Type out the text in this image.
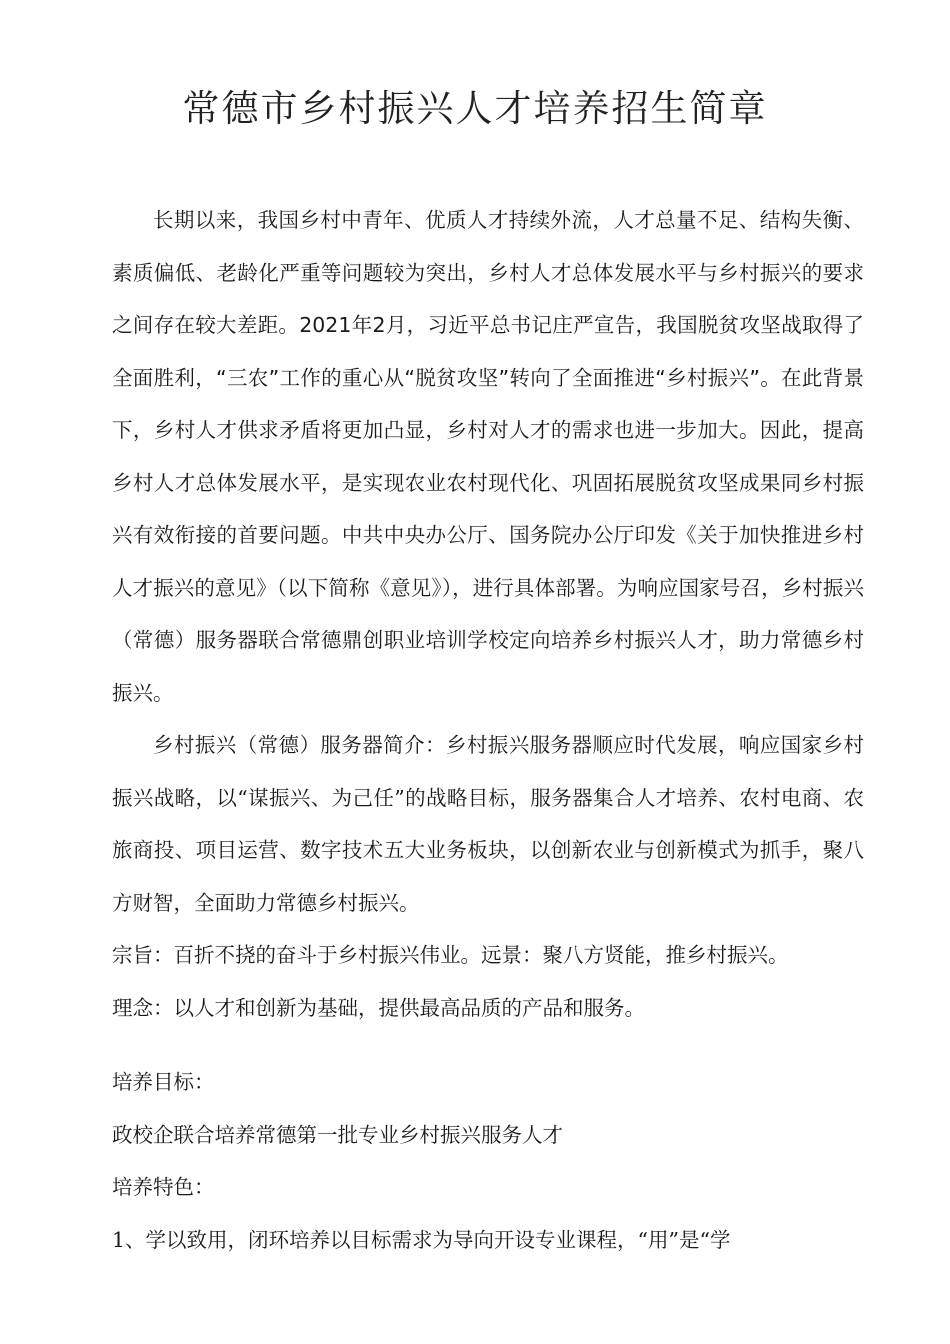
常德市乡村振兴人才培养招生简章

长期以来，我国乡村中青年、优质人才持续外流，人才总量不足、结构失衡、素质偏低、老龄化严重等问题较为突出，乡村人才总体发展水平与乡村振兴的要求之间存在较大差距。2021年2月，习近平总书记庄严宣告，我国脱贫攻坚战取得了全面胜利，“三农”工作的重心从“脱贫攻坚”转向了全面推进“乡村振兴”。在此背景下，乡村人才供求矛盾将更加凸显，乡村对人才的需求也进一步加大。因此，提高乡村人才总体发展水平，是实现农业农村现代化、巩固拓展脱贫攻坚成果同乡村振兴有效衔接的首要问题。中共中央办公厅、国务院办公厅印发《关于加快推进乡村人才振兴的意见》（以下简称《意见》），进行具体部署。为响应国家号召，乡村振兴（常德）服务器联合常德鼎创职业培训学校定向培养乡村振兴人才，助力常德乡村振兴。

乡村振兴（常德）服务器简介：乡村振兴服务器顺应时代发展，响应国家乡村振兴战略，以“谋振兴、为己任”的战略目标，服务器集合人才培养、农村电商、农旅商投、项目运营、数字技术五大业务板块，以创新农业与创新模式为抓手，聚八方财智，全面助力常德乡村振兴。

宗旨：百折不挠的奋斗于乡村振兴伟业。远景：聚八方贤能，推乡村振兴。

理念：以人才和创新为基础，提供最高品质的产品和服务。

培养目标：

政校企联合培养常德第一批专业乡村振兴服务人才

培养特色：

1、学以致用，闭环培养以目标需求为导向开设专业课程，“用”是“学
